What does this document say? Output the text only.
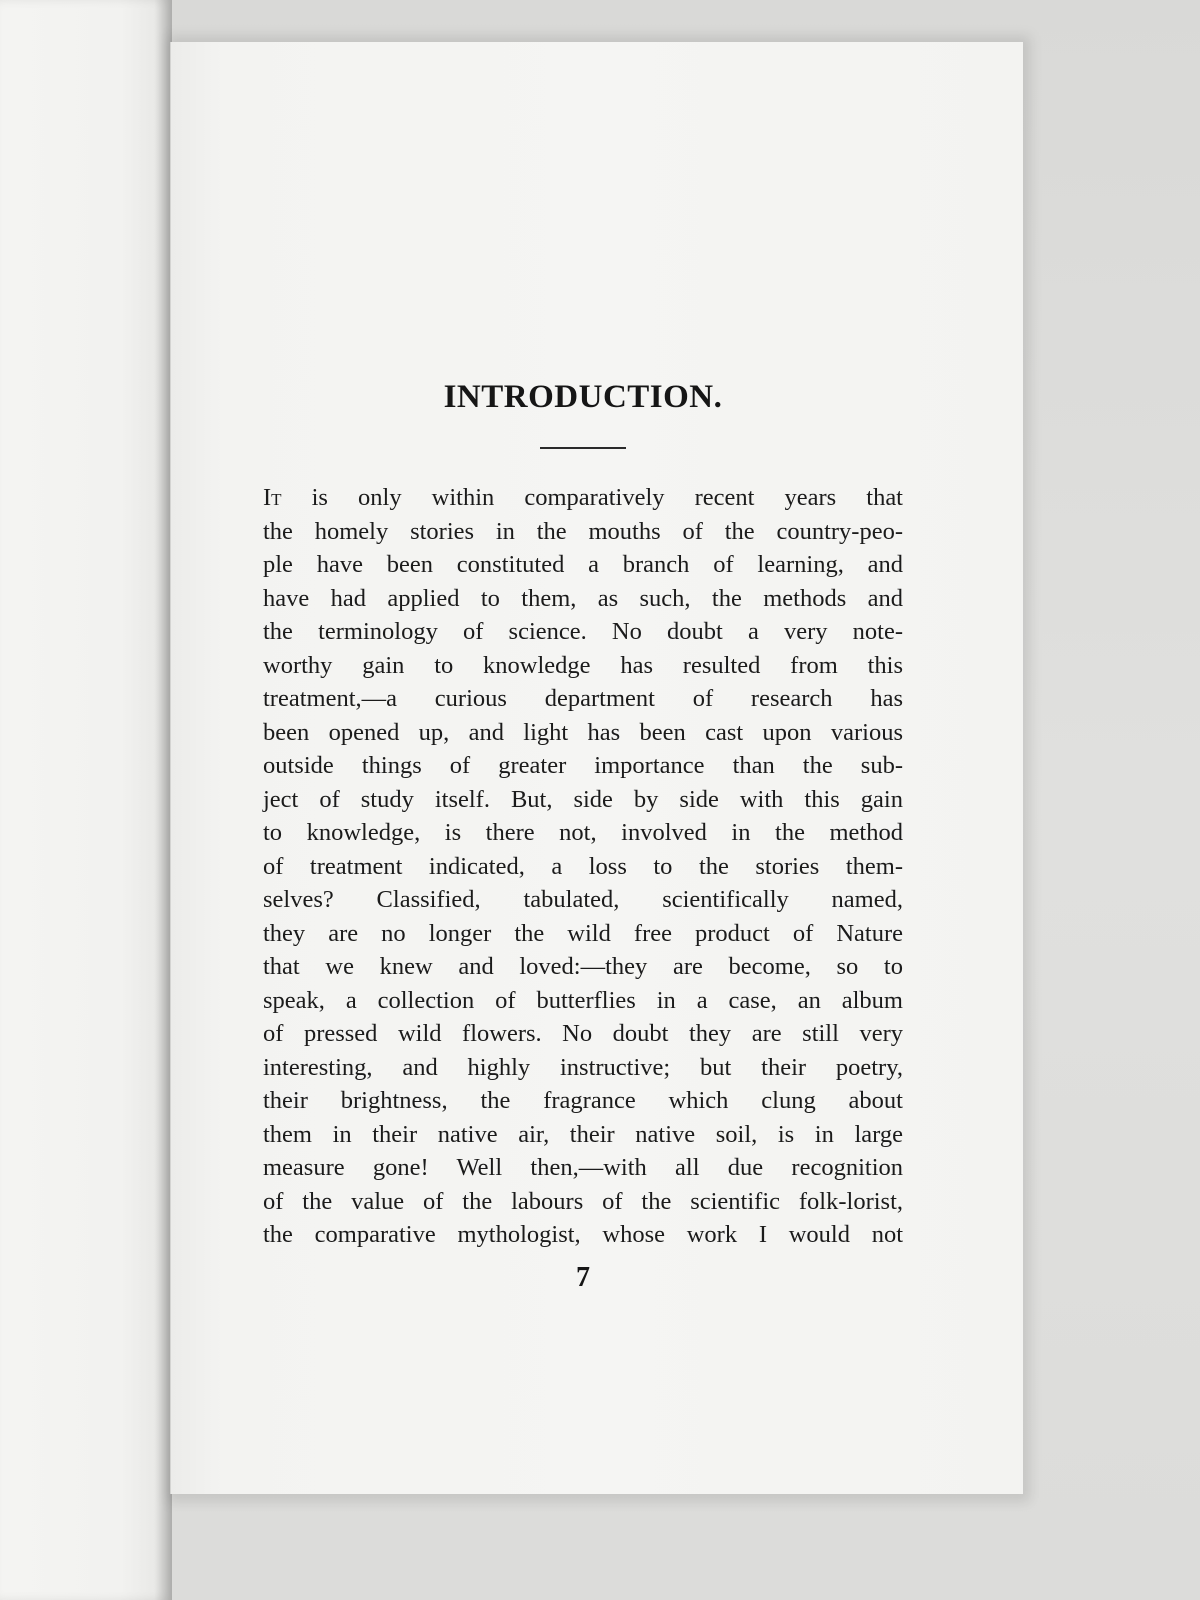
INTRODUCTION.
It is only within comparatively recent years that
the homely stories in the mouths of the country-peo-
ple have been constituted a branch of learning, and
have had applied to them, as such, the methods and
the terminology of science. No doubt a very note-
worthy gain to knowledge has resulted from this
treatment,—a curious department of research has
been opened up, and light has been cast upon various
outside things of greater importance than the sub-
ject of study itself. But, side by side with this gain
to knowledge, is there not, involved in the method
of treatment indicated, a loss to the stories them-
selves? Classified, tabulated, scientifically named,
they are no longer the wild free product of Nature
that we knew and loved:—they are become, so to
speak, a collection of butterflies in a case, an album
of pressed wild flowers. No doubt they are still very
interesting, and highly instructive; but their poetry,
their brightness, the fragrance which clung about
them in their native air, their native soil, is in large
measure gone! Well then,—with all due recognition
of the value of the labours of the scientific folk-lorist,
the comparative mythologist, whose work I would not
7
